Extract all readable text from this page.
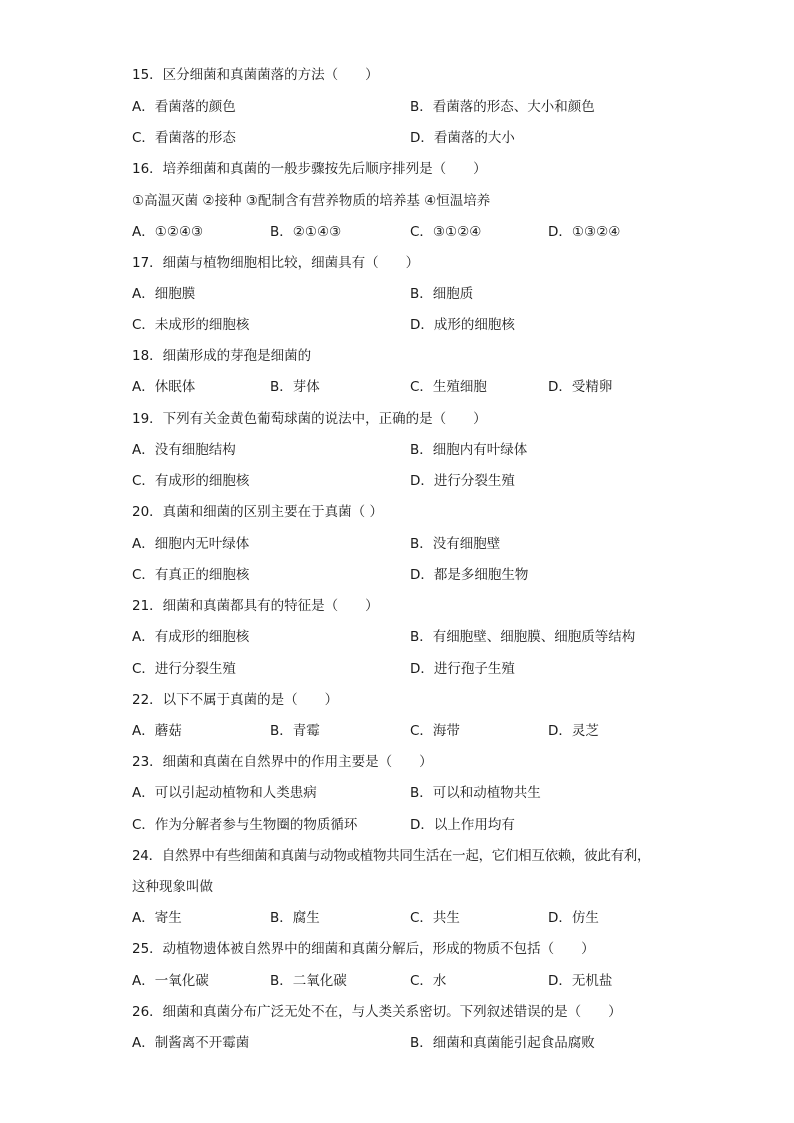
15．区分细菌和真菌菌落的方法（　　）
A．看菌落的颜色	B．看菌落的形态、大小和颜色
C．看菌落的形态	D．看菌落的大小
16．培养细菌和真菌的一般步骤按先后顺序排列是（　　）
①高温灭菌 ②接种 ③配制含有营养物质的培养基 ④恒温培养
A．①②④③	B．②①④③	C．③①②④	D．①③②④
17．细菌与植物细胞相比较，细菌具有（　　）
A．细胞膜	B．细胞质
C．未成形的细胞核	D．成形的细胞核
18．细菌形成的芽孢是细菌的
A．休眠体	B．芽体	C．生殖细胞	D．受精卵
19．下列有关金黄色葡萄球菌的说法中，正确的是（　　）
A．没有细胞结构	B．细胞内有叶绿体
C．有成形的细胞核	D．进行分裂生殖
20．真菌和细菌的区别主要在于真菌（ ）
A．细胞内无叶绿体	B．没有细胞壁
C．有真正的细胞核	D．都是多细胞生物
21．细菌和真菌都具有的特征是（　　）
A．有成形的细胞核	B．有细胞壁、细胞膜、细胞质等结构
C．进行分裂生殖	D．进行孢子生殖
22．以下不属于真菌的是（　　）
A．蘑菇	B．青霉	C．海带	D．灵芝
23．细菌和真菌在自然界中的作用主要是（　　）
A．可以引起动植物和人类患病	B．可以和动植物共生
C．作为分解者参与生物圈的物质循环	D．以上作用均有
24．自然界中有些细菌和真菌与动物或植物共同生活在一起，它们相互依赖，彼此有利，
这种现象叫做
A．寄生	B．腐生	C．共生	D．仿生
25．动植物遗体被自然界中的细菌和真菌分解后，形成的物质不包括（　　）
A．一氧化碳	B．二氧化碳	C．水	D．无机盐
26．细菌和真菌分布广泛无处不在，与人类关系密切。下列叙述错误的是（　　）
A．制酱离不开霉菌	B．细菌和真菌能引起食品腐败
